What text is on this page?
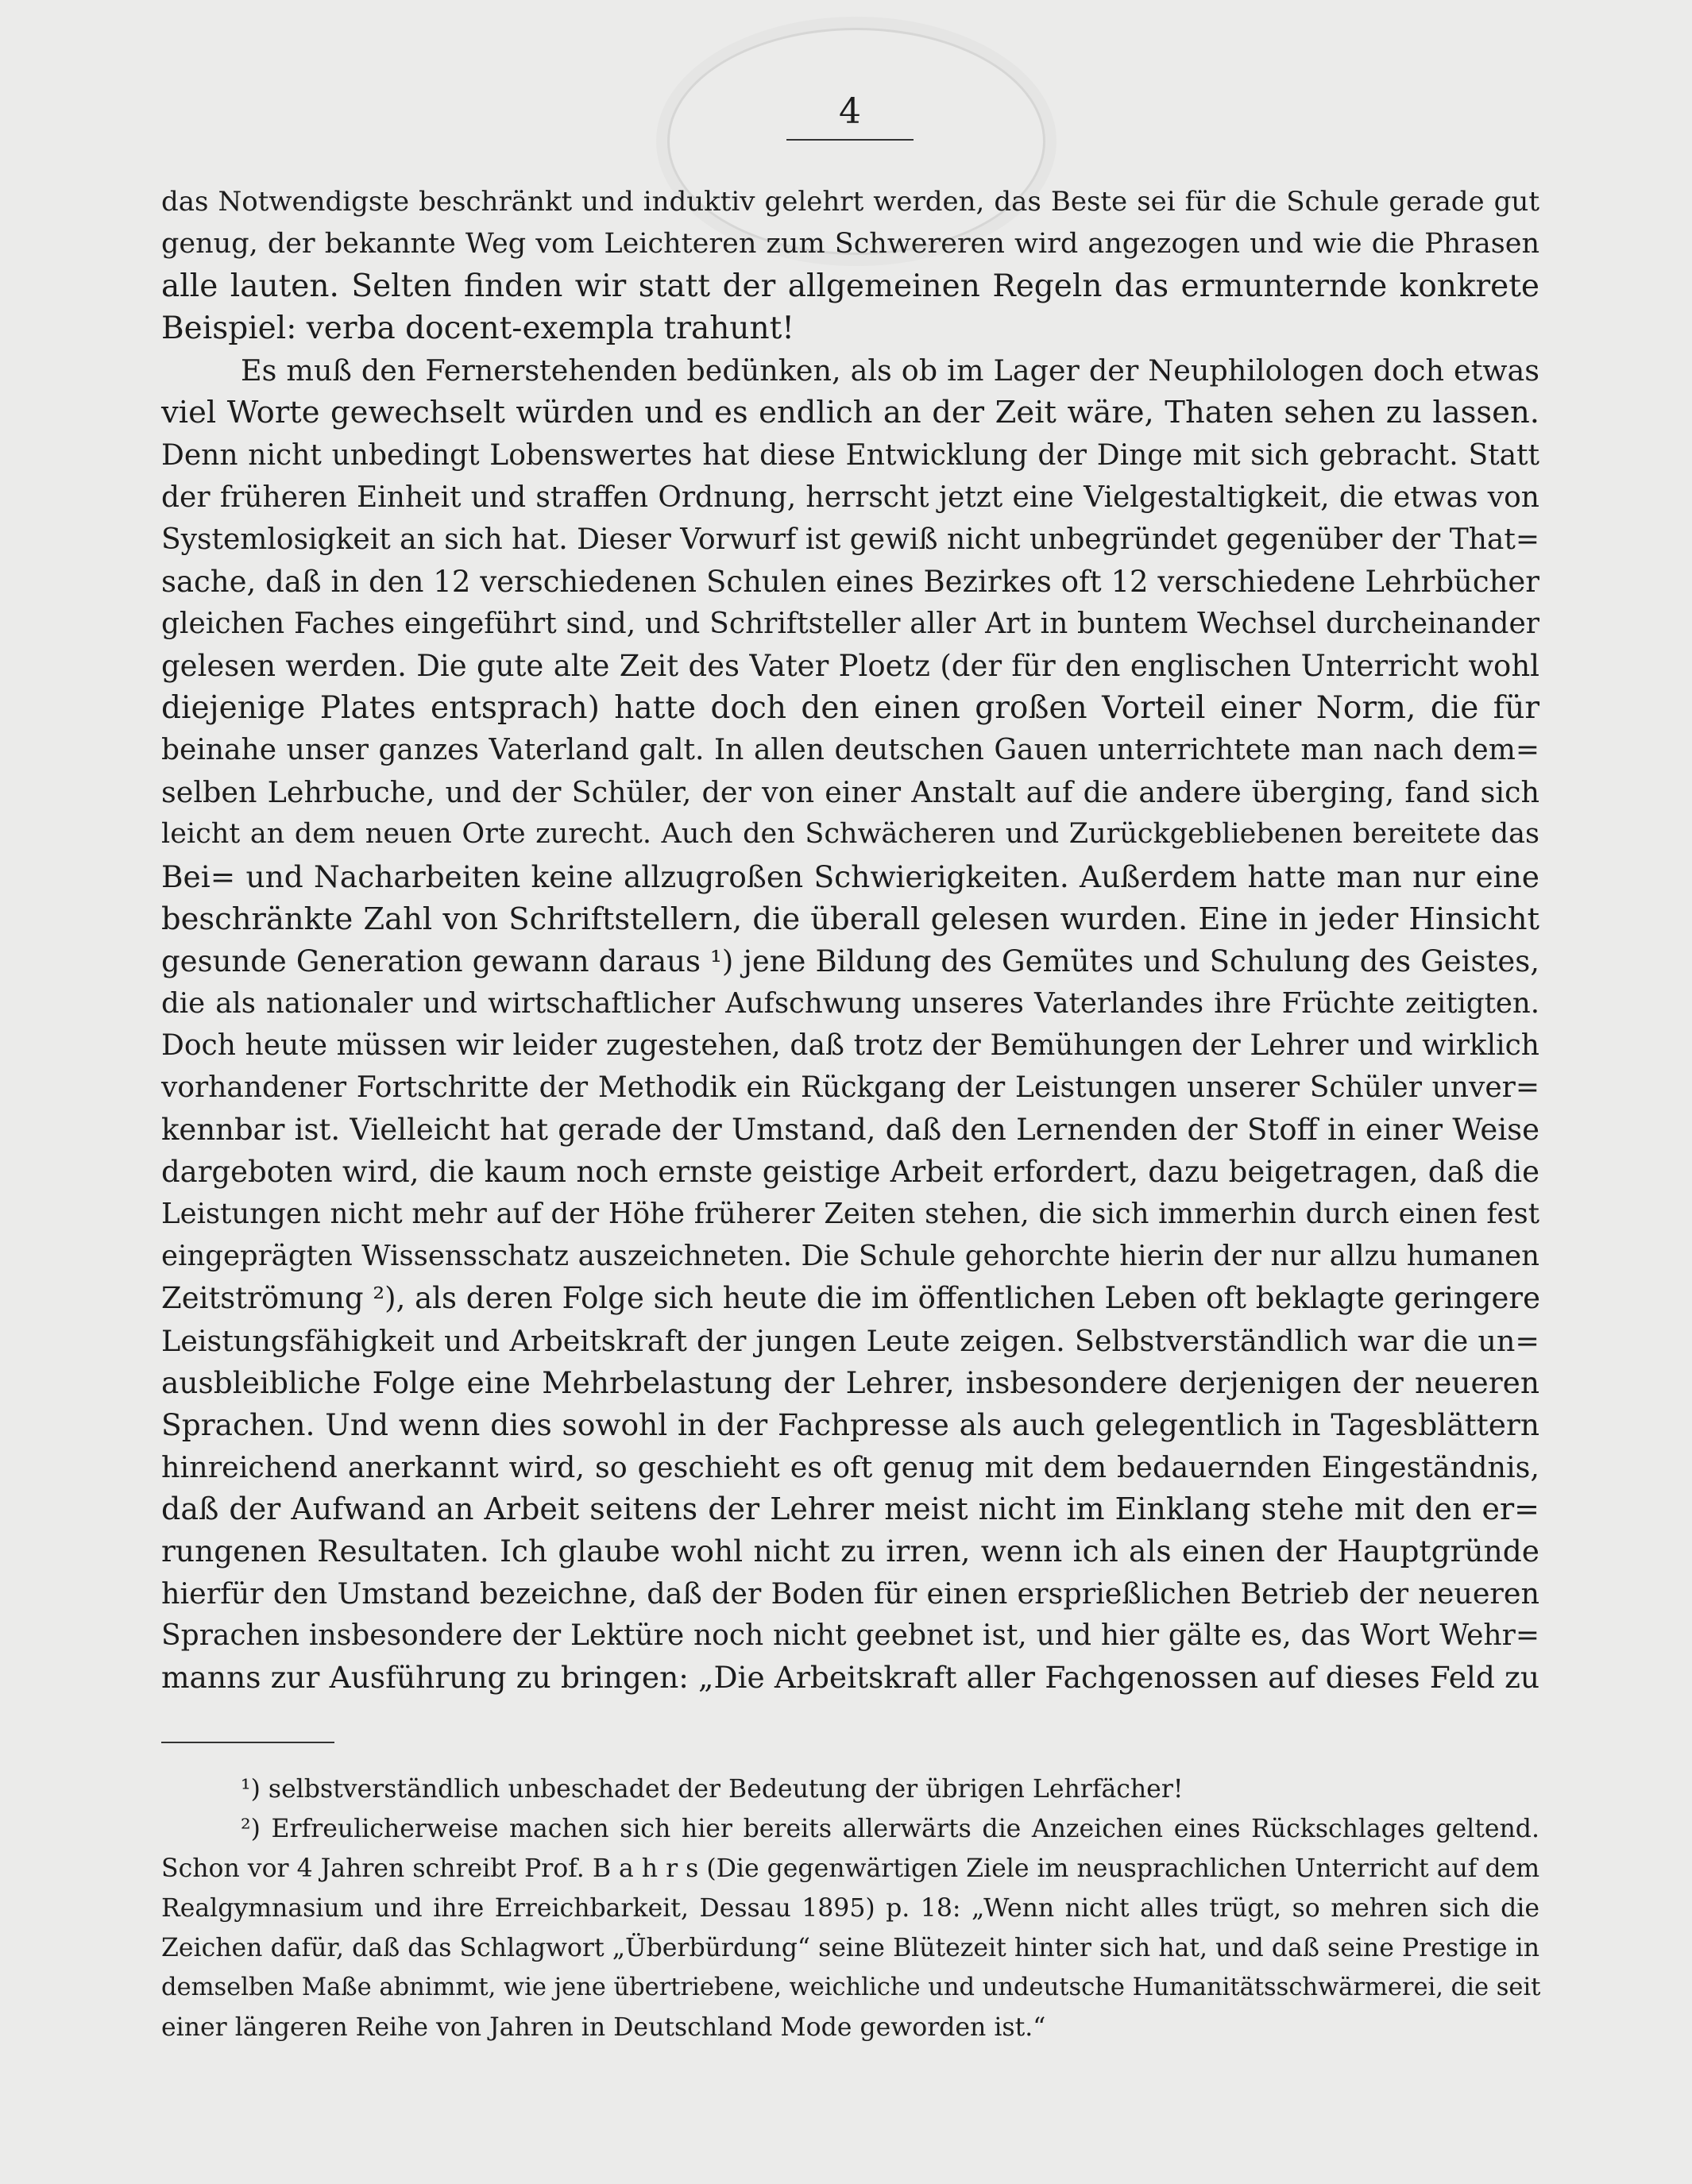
4
das Notwendigste beschränkt und induktiv gelehrt werden, das Beste sei für die Schule gerade gut
genug, der bekannte Weg vom Leichteren zum Schwereren wird angezogen und wie die Phrasen
alle lauten. Selten finden wir statt der allgemeinen Regeln das ermunternde konkrete
Beispiel: verba docent-exempla trahunt!
Es muß den Fernerstehenden bedünken, als ob im Lager der Neuphilologen doch etwas
viel Worte gewechselt würden und es endlich an der Zeit wäre, Thaten sehen zu lassen.
Denn nicht unbedingt Lobenswertes hat diese Entwicklung der Dinge mit sich gebracht. Statt
der früheren Einheit und straffen Ordnung, herrscht jetzt eine Vielgestaltigkeit, die etwas von
Systemlosigkeit an sich hat. Dieser Vorwurf ist gewiß nicht unbegründet gegenüber der That=
sache, daß in den 12 verschiedenen Schulen eines Bezirkes oft 12 verschiedene Lehrbücher
gleichen Faches eingeführt sind, und Schriftsteller aller Art in buntem Wechsel durcheinander
gelesen werden. Die gute alte Zeit des Vater Ploetz (der für den englischen Unterricht wohl
diejenige Plates entsprach) hatte doch den einen großen Vorteil einer Norm, die für
beinahe unser ganzes Vaterland galt. In allen deutschen Gauen unterrichtete man nach dem=
selben Lehrbuche, und der Schüler, der von einer Anstalt auf die andere überging, fand sich
leicht an dem neuen Orte zurecht. Auch den Schwächeren und Zurückgebliebenen bereitete das
Bei= und Nacharbeiten keine allzugroßen Schwierigkeiten. Außerdem hatte man nur eine
beschränkte Zahl von Schriftstellern, die überall gelesen wurden. Eine in jeder Hinsicht
gesunde Generation gewann daraus ¹) jene Bildung des Gemütes und Schulung des Geistes,
die als nationaler und wirtschaftlicher Aufschwung unseres Vaterlandes ihre Früchte zeitigten.
Doch heute müssen wir leider zugestehen, daß trotz der Bemühungen der Lehrer und wirklich
vorhandener Fortschritte der Methodik ein Rückgang der Leistungen unserer Schüler unver=
kennbar ist. Vielleicht hat gerade der Umstand, daß den Lernenden der Stoff in einer Weise
dargeboten wird, die kaum noch ernste geistige Arbeit erfordert, dazu beigetragen, daß die
Leistungen nicht mehr auf der Höhe früherer Zeiten stehen, die sich immerhin durch einen fest
eingeprägten Wissensschatz auszeichneten. Die Schule gehorchte hierin der nur allzu humanen
Zeitströmung ²), als deren Folge sich heute die im öffentlichen Leben oft beklagte geringere
Leistungsfähigkeit und Arbeitskraft der jungen Leute zeigen. Selbstverständlich war die un=
ausbleibliche Folge eine Mehrbelastung der Lehrer, insbesondere derjenigen der neueren
Sprachen. Und wenn dies sowohl in der Fachpresse als auch gelegentlich in Tagesblättern
hinreichend anerkannt wird, so geschieht es oft genug mit dem bedauernden Eingeständnis,
daß der Aufwand an Arbeit seitens der Lehrer meist nicht im Einklang stehe mit den er=
rungenen Resultaten. Ich glaube wohl nicht zu irren, wenn ich als einen der Hauptgründe
hierfür den Umstand bezeichne, daß der Boden für einen ersprießlichen Betrieb der neueren
Sprachen insbesondere der Lektüre noch nicht geebnet ist, und hier gälte es, das Wort Wehr=
manns zur Ausführung zu bringen: „Die Arbeitskraft aller Fachgenossen auf dieses Feld zu
¹) selbstverständlich unbeschadet der Bedeutung der übrigen Lehrfächer!
²) Erfreulicherweise machen sich hier bereits allerwärts die Anzeichen eines Rückschlages geltend.
Schon vor 4 Jahren schreibt Prof. B a h r s (Die gegenwärtigen Ziele im neusprachlichen Unterricht auf dem
Realgymnasium und ihre Erreichbarkeit, Dessau 1895) p. 18: „Wenn nicht alles trügt, so mehren sich die
Zeichen dafür, daß das Schlagwort „Überbürdung“ seine Blütezeit hinter sich hat, und daß seine Prestige in
demselben Maße abnimmt, wie jene übertriebene, weichliche und undeutsche Humanitätsschwärmerei, die seit
einer längeren Reihe von Jahren in Deutschland Mode geworden ist.“
